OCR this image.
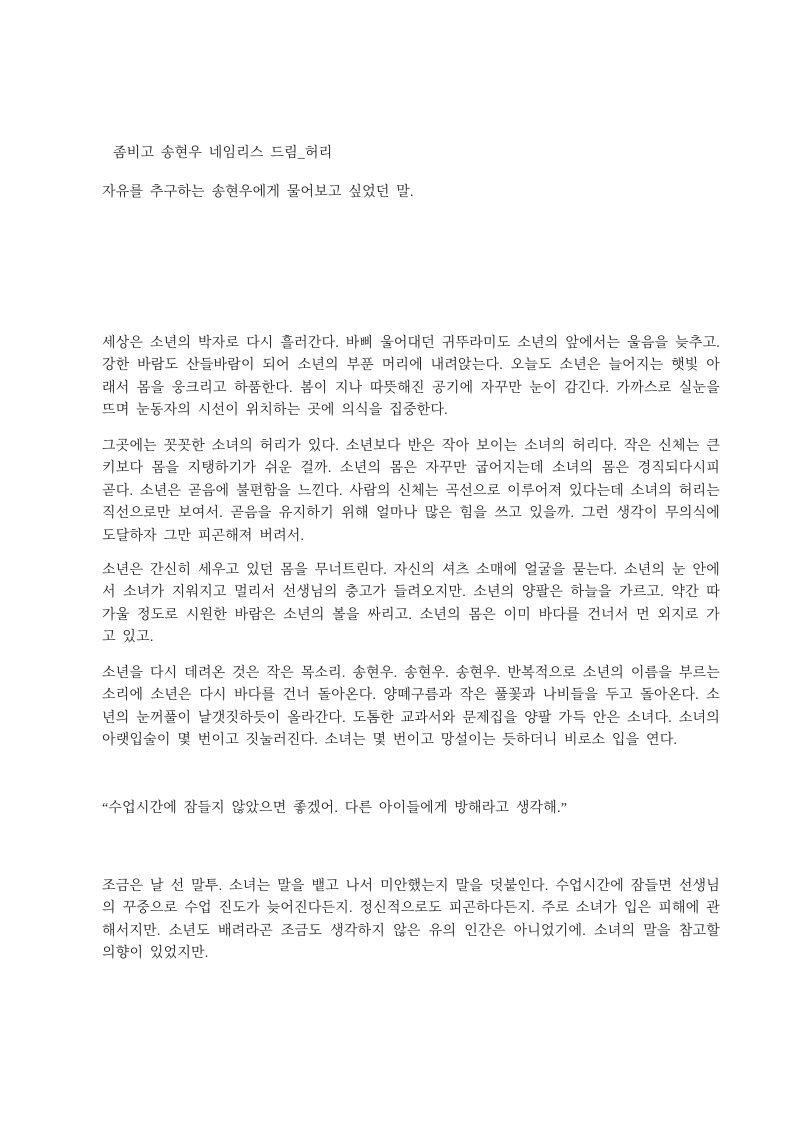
좀비고 송현우 네임리스 드림_허리

자유를 추구하는 송현우에게 물어보고 싶었던 말.

세상은 소년의 박자로 다시 흘러간다. 바삐 울어대던 귀뚜라미도 소년의 앞에서는 울음을 늦추고. 강한 바람도 산들바람이 되어 소년의 부푼 머리에 내려앉는다. 오늘도 소년은 늘어지는 햇빛 아래서 몸을 웅크리고 하품한다. 봄이 지나 따뜻해진 공기에 자꾸만 눈이 감긴다. 가까스로 실눈을 뜨며 눈동자의 시선이 위치하는 곳에 의식을 집중한다.

그곳에는 꼿꼿한 소녀의 허리가 있다. 소년보다 반은 작아 보이는 소녀의 허리다. 작은 신체는 큰 키보다 몸을 지탱하기가 쉬운 걸까. 소년의 몸은 자꾸만 굽어지는데 소녀의 몸은 경직되다시피 곧다. 소년은 곧음에 불편함을 느낀다. 사람의 신체는 곡선으로 이루어져 있다는데 소녀의 허리는 직선으로만 보여서. 곧음을 유지하기 위해 얼마나 많은 힘을 쓰고 있을까. 그런 생각이 무의식에 도달하자 그만 피곤해져 버려서.

소년은 간신히 세우고 있던 몸을 무너트린다. 자신의 셔츠 소매에 얼굴을 묻는다. 소년의 눈 안에서 소녀가 지워지고 멀리서 선생님의 충고가 들려오지만. 소년의 양팔은 하늘을 가르고. 약간 따가울 정도로 시원한 바람은 소년의 볼을 싸리고. 소년의 몸은 이미 바다를 건너서 먼 외지로 가고 있고.

소년을 다시 데려온 것은 작은 목소리. 송현우. 송현우. 송현우. 반복적으로 소년의 이름을 부르는 소리에 소년은 다시 바다를 건너 돌아온다. 양뗴구름과 작은 풀꽃과 나비들을 두고 돌아온다. 소년의 눈꺼풀이 날갯짓하듯이 올라간다. 도톰한 교과서와 문제집을 양팔 가득 안은 소녀다. 소녀의 아랫입술이 몇 번이고 짓눌러진다. 소녀는 몇 번이고 망설이는 듯하더니 비로소 입을 연다.

“수업시간에 잠들지 않았으면 좋겠어. 다른 아이들에게 방해라고 생각해.”

조금은 날 선 말투. 소녀는 말을 뱉고 나서 미안했는지 말을 덧붙인다. 수업시간에 잠들면 선생님의 꾸중으로 수업 진도가 늦어진다든지. 정신적으로도 피곤하다든지. 주로 소녀가 입은 피해에 관해서지만. 소년도 배려라곤 조금도 생각하지 않은 유의 인간은 아니었기에. 소녀의 말을 참고할 의향이 있었지만.
